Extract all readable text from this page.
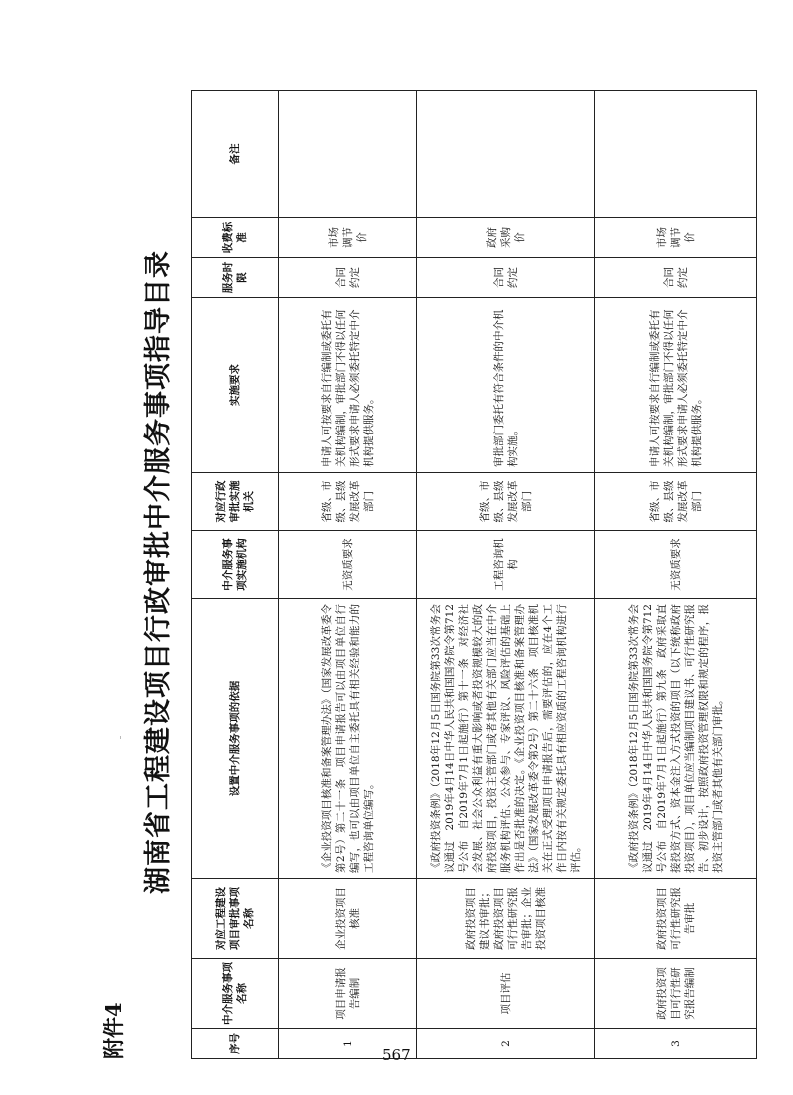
附件4
湖南省工程建设项目行政审批中介服务事项指导目录
序号	中介服务事项名称	对应工程建设项目审批事项名称	设置中介服务事项的依据	中介服务事项实施机构	对应行政审批实施机关	实施要求	服务时限	收费标准	备注
1	项目申请报告编制	企业投资项目核准	《企业投资项目核准和备案管理办法》（国家发展改革委令第2号）第二十一条　项目申请报告可以由项目单位自行编写，也可以由项目单位自主委托具有相关经验和能力的工程咨询单位编写。	无资质要求	省级、市级、县级发展改革部门	申请人可按要求自行编制或委托有关机构编制，审批部门不得以任何形式要求申请人必须委托特定中介机构提供服务。	合同约定	市场调节价	
2	项目评估	政府投资项目建议书审批；政府投资项目可行性研究报告审批；企业投资项目核准	《政府投资条例》（2018年12月5日国务院第33次常务会议通过　2019年4月14日中华人民共和国国务院令第712号公布　自2019年7月1日起施行）第十一条　对经济社会发展、社会公众利益有重大影响或者投资规模较大的政府投资项目，投资主管部门或者其他有关部门应当在中介服务机构评估、公众参与、专家评议、风险评估的基础上作出是否批准的决定。《企业投资项目核准和备案管理办法》（国家发展改革委令第2号）第二十六条　项目核准机关在正式受理项目申请报告后，需要评估的，应在4个工作日内按有关规定委托具有相应资质的工程咨询机构进行评估。	工程咨询机构	省级、市级、县级发展改革部门	审批部门委托有符合条件的中介机构实施。	合同约定	政府采购价	
3	政府投资项目可行性研究报告编制	政府投资项目可行性研究报告审批	《政府投资条例》（2018年12月5日国务院第33次常务会议通过　2019年4月14日中华人民共和国国务院令第712号公布　自2019年7月1日起施行）第九条　政府采取直接投资方式、资本金注入方式投资的项目（以下统称政府投资项目），项目单位应当编制项目建议书、可行性研究报告、初步设计，按照政府投资管理权限和规定的程序，报投资主管部门或者其他有关部门审批。	无资质要求	省级、市级、县级发展改革部门	申请人可按要求自行编制或委托有关机构编制，审批部门不得以任何形式要求申请人必须委托特定中介机构提供服务。	合同约定	市场调节价	
567
